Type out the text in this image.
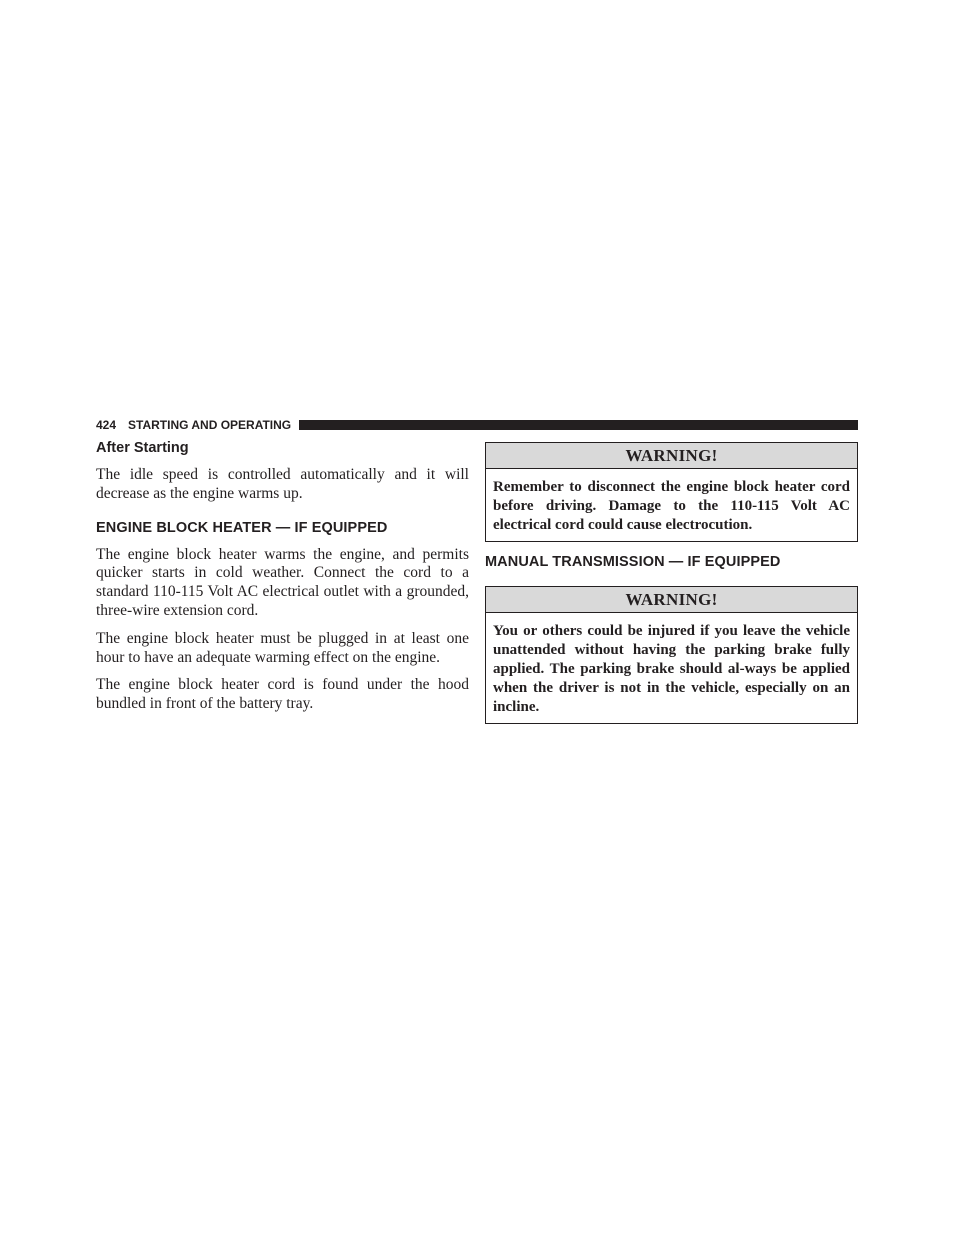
424 STARTING AND OPERATING
After Starting

The idle speed is controlled automatically and it will decrease as the engine warms up.

ENGINE BLOCK HEATER — IF EQUIPPED

The engine block heater warms the engine, and permits quicker starts in cold weather. Connect the cord to a standard 110-115 Volt AC electrical outlet with a grounded, three-wire extension cord.

The engine block heater must be plugged in at least one hour to have an adequate warming effect on the engine.

The engine block heater cord is found under the hood bundled in front of the battery tray.

WARNING!
Remember to disconnect the engine block heater cord before driving. Damage to the 110-115 Volt AC electrical cord could cause electrocution.
MANUAL TRANSMISSION — IF EQUIPPED
WARNING!
You or others could be injured if you leave the vehicle unattended without having the parking brake fully applied. The parking brake should al-ways be applied when the driver is not in the vehicle, especially on an incline.
